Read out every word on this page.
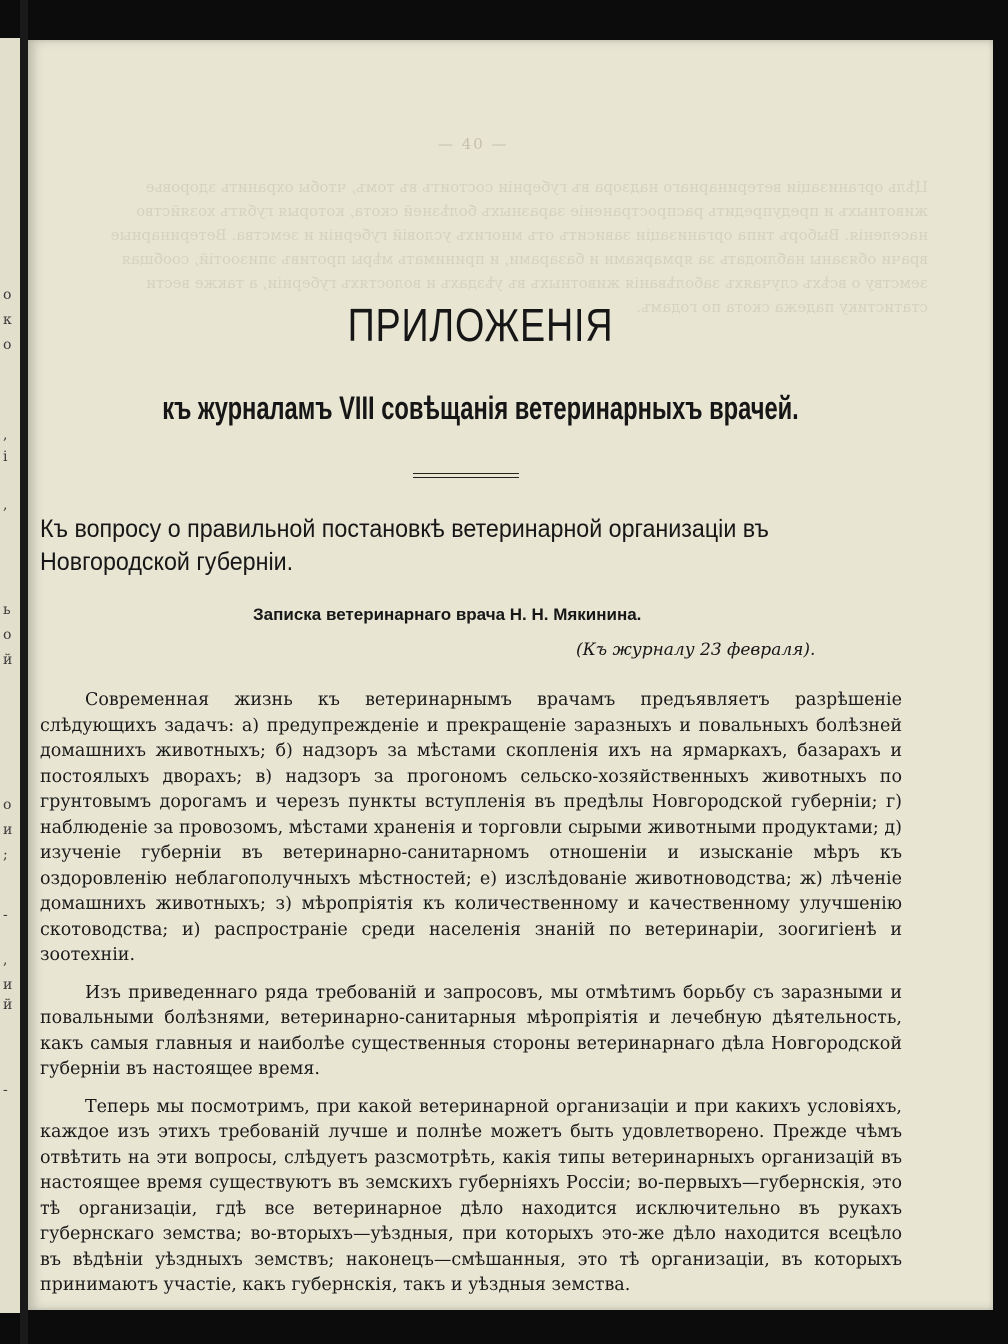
о
к
о
,
і
,
ь
о
й
о
и
;
-
,
и
й
-
Цѣль организаціи ветеринарнаго надзора въ губерніи состоитъ въ томъ, чтобы охранить здоровье животныхъ и предупредить распространеніе заразныхъ болѣзней скота, которыя губятъ хозяйство населенія. Выборъ типа организаціи зависитъ отъ многихъ условій губерніи и земства. Ветеринарные врачи обязаны наблюдать за ярмарками и базарами, и принимать мѣры противъ эпизоотій, сообщая земству о всѣхъ случаяхъ заболѣванія животныхъ въ уѣздахъ и волостяхъ губерніи, а также вести статистику падежа скота по годамъ.
— 40 —
ПРИЛОЖЕНІЯ
къ журналамъ VIII совѣщанія ветеринарныхъ врачей.
Къ вопросу о правильной постановкѣ ветеринарной организаціи въ Новгородской губерніи.
Записка ветеринарнаго врача Н. Н. Мякинина.
(Къ журналу 23 февраля).

Современная жизнь къ ветеринарнымъ врачамъ предъявляетъ разрѣшеніе слѣдующихъ задачъ: а) предупрежденіе и прекращеніе заразныхъ и повальныхъ болѣзней домашнихъ животныхъ; б) надзоръ за мѣстами скопленія ихъ на ярмаркахъ, базарахъ и постоялыхъ дворахъ; в) надзоръ за прогономъ сельско-хозяйственныхъ животныхъ по грунтовымъ дорогамъ и черезъ пункты вступленія въ предѣлы Новгородской губерніи; г) наблюденіе за провозомъ, мѣстами храненія и торговли сырыми животными продуктами; д) изученіе губерніи въ ветеринарно-санитарномъ отношеніи и изысканіе мѣръ къ оздоровленію неблагополучныхъ мѣстностей; е) изслѣдованіе животноводства; ж) лѣченіе домашнихъ животныхъ; з) мѣропріятія къ количественному и качественному улучшенію скотоводства; и) распространіе среди населенія знаній по ветеринаріи, зоогигіенѣ и зоотехніи.

Изъ приведеннаго ряда требованій и запросовъ, мы отмѣтимъ борьбу съ заразными и повальными болѣзнями, ветеринарно-санитарныя мѣропріятія и лечебную дѣятельность, какъ самыя главныя и наиболѣе существенныя стороны ветеринарнаго дѣла Новгородской губерніи въ настоящее время.

Теперь мы посмотримъ, при какой ветеринарной организаціи и при какихъ условіяхъ, каждое изъ этихъ требованій лучше и полнѣе можетъ быть удовлетворено. Прежде чѣмъ отвѣтить на эти вопросы, слѣдуетъ разсмотрѣть, какія типы ветеринарныхъ организацій въ настоящее время существуютъ въ земскихъ губерніяхъ Россіи; во-первыхъ—губернскія, это тѣ организаціи, гдѣ все ветеринарное дѣло находится исключительно въ рукахъ губернскаго земства; во-вторыхъ—уѣздныя, при которыхъ это-же дѣло находится всецѣло въ вѣдѣніи уѣздныхъ земствъ; наконецъ—смѣшанныя, это тѣ организаціи, въ которыхъ принимаютъ участіе, какъ губернскія, такъ и уѣздныя земства.
